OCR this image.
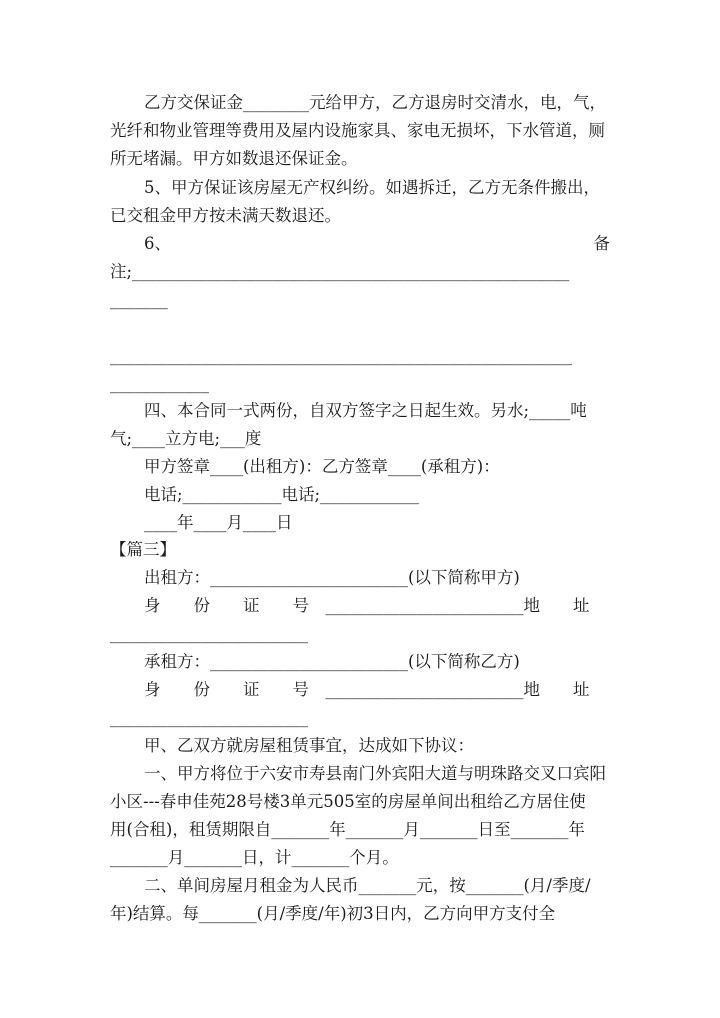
乙方交保证金________元给甲方，乙方退房时交清水，电，气，
光纤和物业管理等费用及屋内设施家具、家电无损坏，下水管道，厕
所无堵漏。甲方如数退还保证金。
5、甲方保证该房屋无产权纠纷。如遇拆迁，乙方无条件搬出，
已交租金甲方按未满天数退还。
6、	备
注;_____________________________________________________
_______
________________________________________________________
____________
四、本合同一式两份，自双方签字之日起生效。另水;_____吨
气;____立方电;___度
甲方签章____(出租方)：乙方签章____(承租方)：
电话;____________电话;____________
____年____月____日
【篇三】
出租方：________________________(以下简称甲方)
身　　份　　证　　号　________________________地　　址
________________________
承租方：________________________(以下简称乙方)
身　　份　　证　　号　________________________地　　址
________________________
甲、乙双方就房屋租赁事宜，达成如下协议：
一、甲方将位于六安市寿县南门外宾阳大道与明珠路交叉口宾阳
小区---春申佳苑28号楼3单元505室的房屋单间出租给乙方居住使
用(合租)，租赁期限自_______年_______月_______日至_______年
_______月_______日，计_______个月。
二、单间房屋月租金为人民币_______元，按_______(月/季度/
年)结算。每_______(月/季度/年)初3日内，乙方向甲方支付全
